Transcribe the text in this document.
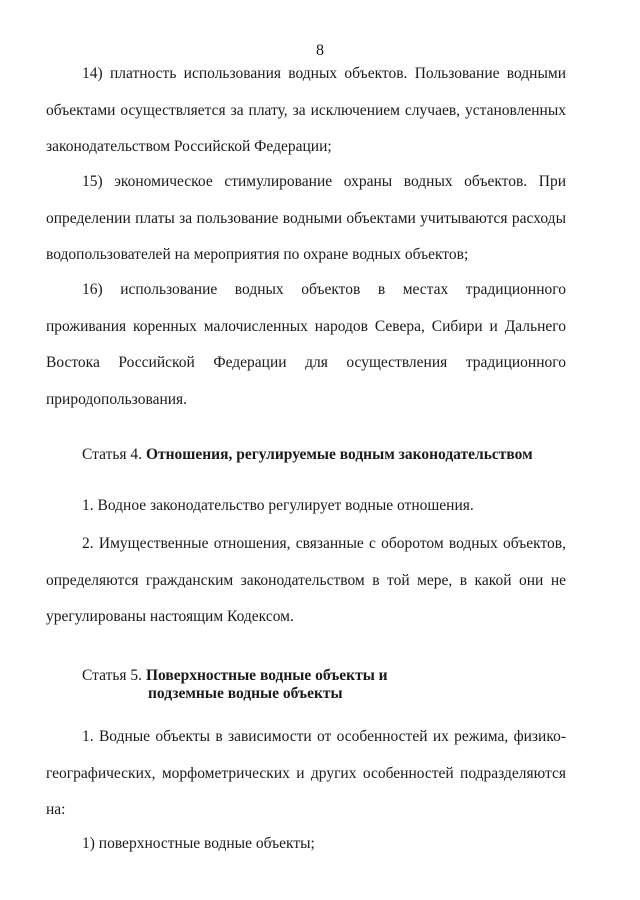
8

14) платность использования водных объектов. Пользование водными объектами осуществляется за плату, за исключением случаев, установленных законодательством Российской Федерации;

15) экономическое стимулирование охраны водных объектов. При определении платы за пользование водными объектами учитываются расходы водопользователей на мероприятия по охране водных объектов;

16) использование водных объектов в местах традиционного проживания коренных малочисленных народов Севера, Сибири и Дальнего Востока Российской Федерации для осуществления традиционного природопользования.

Статья 4. Отношения, регулируемые водным законодательством

1. Водное законодательство регулирует водные отношения.

2. Имущественные отношения, связанные с оборотом водных объектов, определяются гражданским законодательством в той мере, в какой они не урегулированы настоящим Кодексом.

Статья 5. Поверхностные водные объекты и
подземные водные объекты

1. Водные объекты в зависимости от особенностей их режима, физико-географических, морфометрических и других особенностей подразделяются на:

1) поверхностные водные объекты;
